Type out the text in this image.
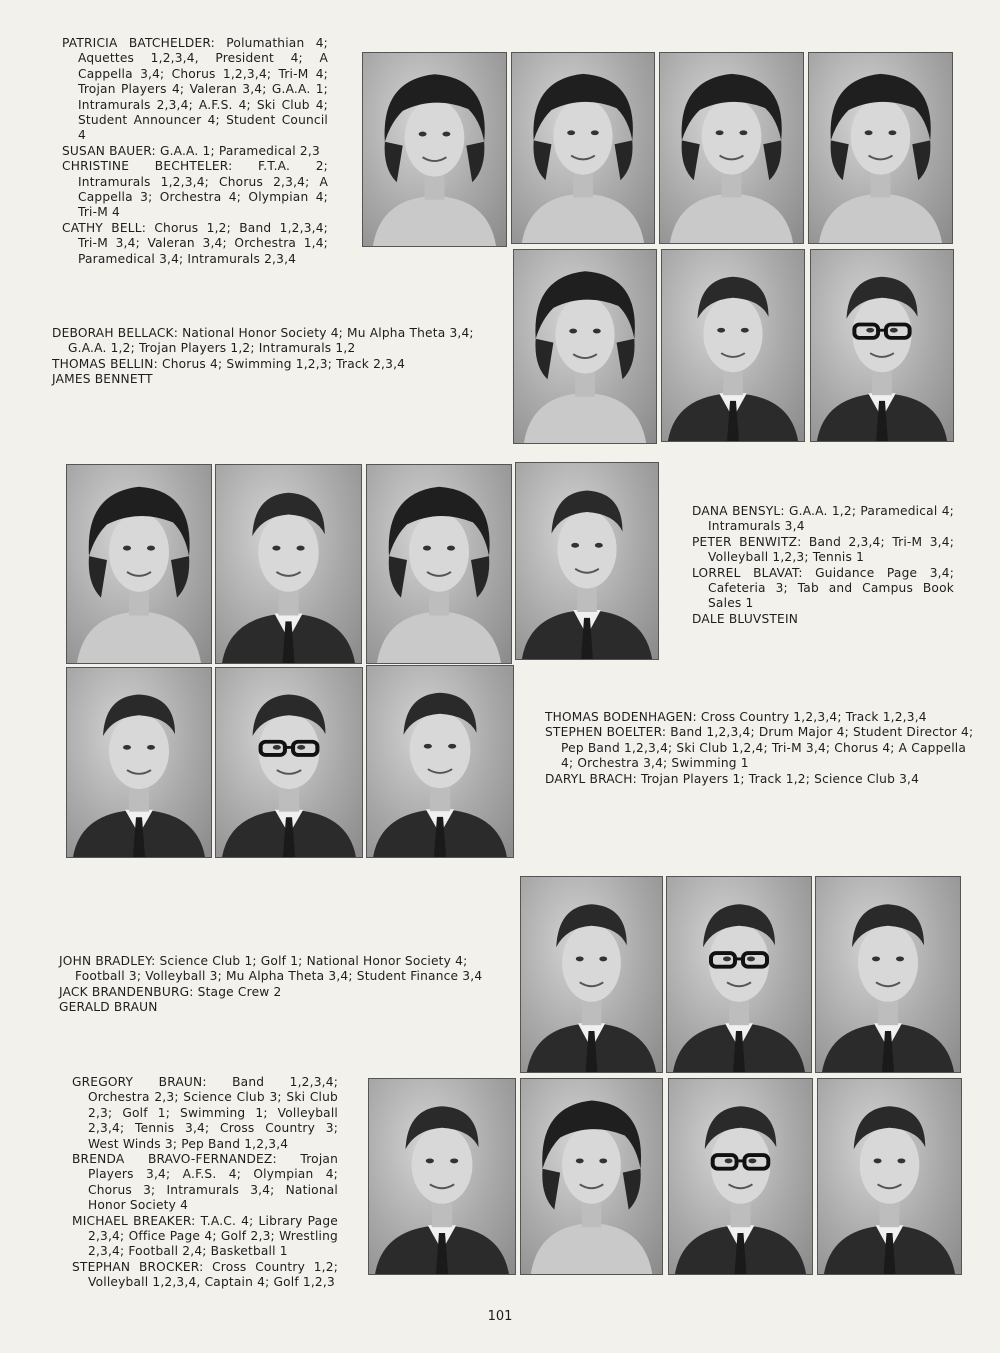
PATRICIA BATCHELDER: Polumathian 4; Aquettes 1,2,3,4, President 4; A Cappella 3,4; Chorus 1,2,3,4; Tri-M 4; Trojan Players 4; Valeran 3,4; G.A.A. 1; Intramurals 2,3,4; A.F.S. 4; Ski Club 4; Student Announcer 4; Student Council 4

SUSAN BAUER: G.A.A. 1; Paramedical 2,3

CHRISTINE BECHTELER: F.T.A. 2; Intramurals 1,2,3,4; Chorus 2,3,4; A Cappella 3; Orchestra 4; Olympian 4; Tri-M 4

CATHY BELL: Chorus 1,2; Band 1,2,3,4; Tri-M 3,4; Valeran 3,4; Orchestra 1,4; Paramedical 3,4; Intramurals 2,3,4

DEBORAH BELLACK: National Honor Society 4; Mu Alpha Theta 3,4; G.A.A. 1,2; Trojan Players 1,2; Intramurals 1,2

THOMAS BELLIN: Chorus 4; Swimming 1,2,3; Track 2,3,4

JAMES BENNETT

DANA BENSYL: G.A.A. 1,2; Paramedical 4; Intramurals 3,4

PETER BENWITZ: Band 2,3,4; Tri-M 3,4; Volleyball 1,2,3; Tennis 1

LORREL BLAVAT: Guidance Page 3,4; Cafeteria 3; Tab and Campus Book Sales 1

DALE BLUVSTEIN

THOMAS BODENHAGEN: Cross Country 1,2,3,4; Track 1,2,3,4

STEPHEN BOELTER: Band 1,2,3,4; Drum Major 4; Student Director 4; Pep Band 1,2,3,4; Ski Club 1,2,4; Tri-M 3,4; Chorus 4; A Cappella 4; Orchestra 3,4; Swimming 1

DARYL BRACH: Trojan Players 1; Track 1,2; Science Club 3,4

JOHN BRADLEY: Science Club 1; Golf 1; National Honor Society 4; Football 3; Volleyball 3; Mu Alpha Theta 3,4; Student Finance 3,4

JACK BRANDENBURG: Stage Crew 2

GERALD BRAUN

GREGORY BRAUN: Band 1,2,3,4; Orchestra 2,3; Science Club 3; Ski Club 2,3; Golf 1; Swimming 1; Volleyball 2,3,4; Tennis 3,4; Cross Country 3; West Winds 3; Pep Band 1,2,3,4

BRENDA BRAVO-FERNANDEZ: Trojan Players 3,4; A.F.S. 4; Olympian 4; Chorus 3; Intramurals 3,4; National Honor Society 4

MICHAEL BREAKER: T.A.C. 4; Library Page 2,3,4; Office Page 4; Golf 2,3; Wrestling 2,3,4; Football 2,4; Basketball 1

STEPHAN BROCKER: Cross Country 1,2; Volleyball 1,2,3,4, Captain 4; Golf 1,2,3

101
